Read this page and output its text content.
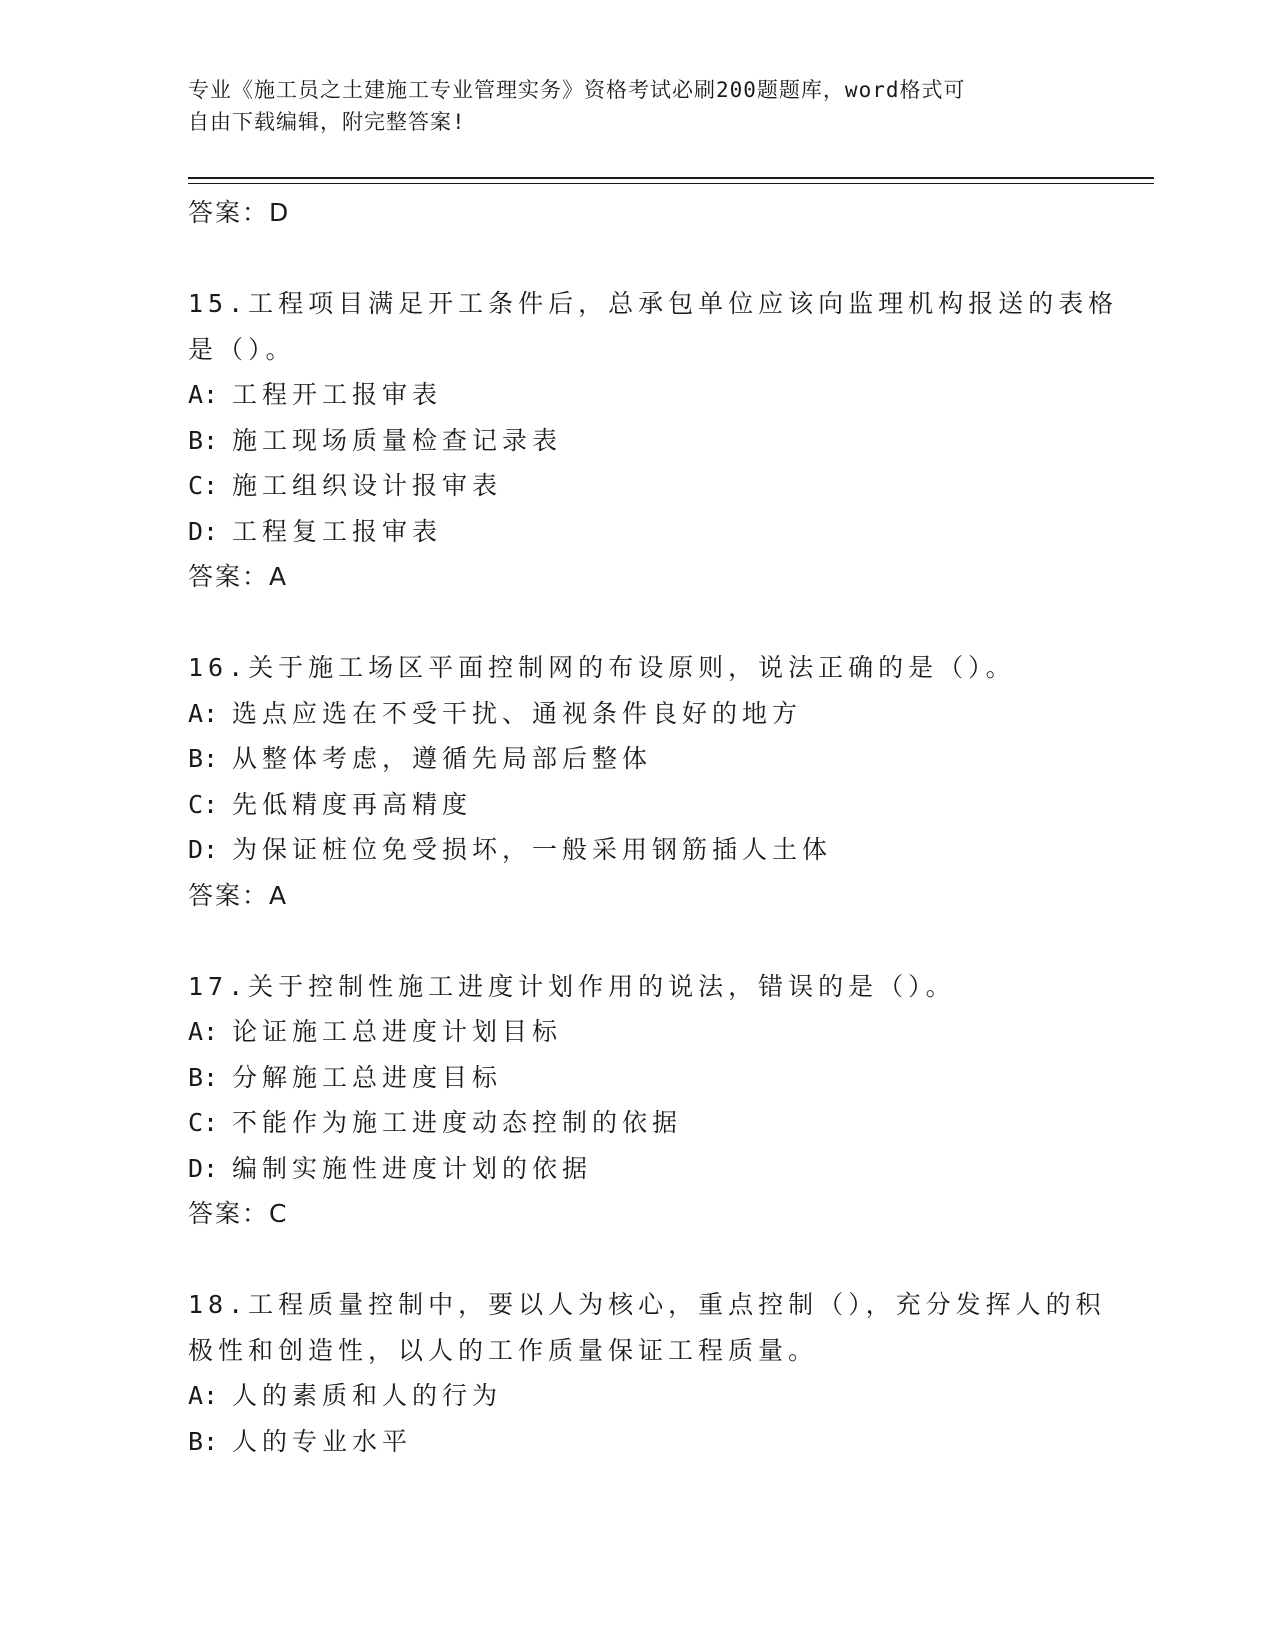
专业《施工员之土建施工专业管理实务》资格考试必刷200题题库，word格式可
自由下载编辑，附完整答案!
答案：D
15.工程项目满足开工条件后，总承包单位应该向监理机构报送的表格
是（）。
A: 工程开工报审表
B: 施工现场质量检查记录表
C: 施工组织设计报审表
D: 工程复工报审表
答案：A
16.关于施工场区平面控制网的布设原则，说法正确的是（）。
A: 选点应选在不受干扰、通视条件良好的地方
B: 从整体考虑，遵循先局部后整体
C: 先低精度再高精度
D: 为保证桩位免受损坏，一般采用钢筋插人土体
答案：A
17.关于控制性施工进度计划作用的说法，错误的是（）。
A: 论证施工总进度计划目标
B: 分解施工总进度目标
C: 不能作为施工进度动态控制的依据
D: 编制实施性进度计划的依据
答案：C
18.工程质量控制中，要以人为核心，重点控制（），充分发挥人的积
极性和创造性，以人的工作质量保证工程质量。
A: 人的素质和人的行为
B: 人的专业水平
